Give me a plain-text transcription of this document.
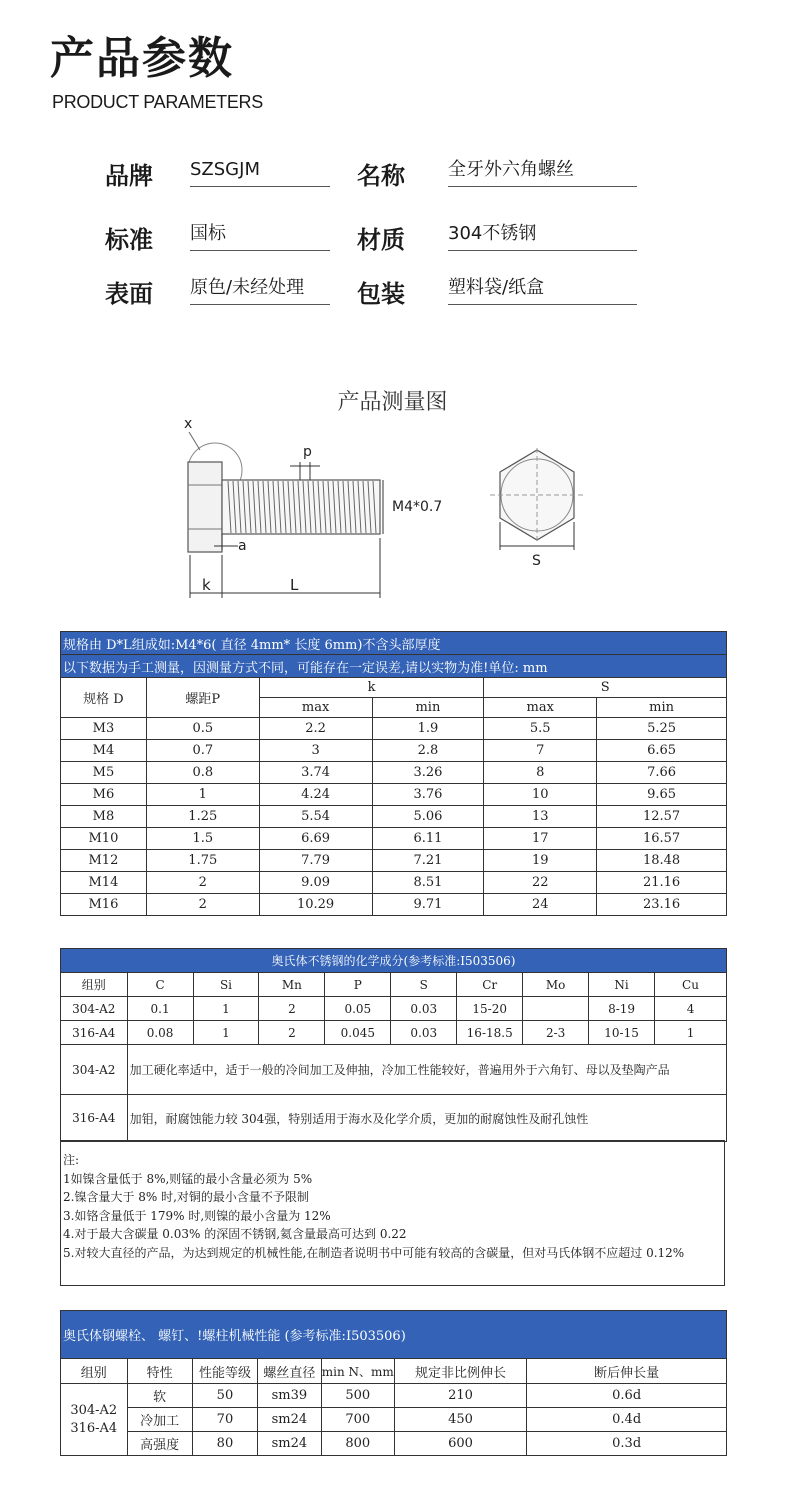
产品参数
PRODUCT PARAMETERS
品牌 SZSGJM	名称 全牙外六角螺丝
标准 国标	材质 304不锈钢
表面 原色/未经处理	包装 塑料袋/纸盒
产品测量图
x
p
a
M4*0.7
k	L
S
规格由 D*L组成如:M4*6( 直径 4mm* 长度 6mm)不含头部厚度					
以下数据为手工测量，因测量方式不同，可能存在一定误差,请以实物为准!单位: mm					
规格 D	螺距P	k		S	
		max	min	max	min
M3	0.5	2.2	1.9	5.5	5.25
M4	0.7	3	2.8	7	6.65
M5	0.8	3.74	3.26	8	7.66
M6	1	4.24	3.76	10	9.65
M8	1.25	5.54	5.06	13	12.57
M10	1.5	6.69	6.11	17	16.57
M12	1.75	7.79	7.21	19	18.48
M14	2	9.09	8.51	22	21.16
M16	2	10.29	9.71	24	23.16
奥氏体不锈钢的化学成分(参考标准:I503506)									
组别	C	Si	Mn	P	S	Cr	Mo	Ni	Cu
304-A2	0.1	1	2	0.05	0.03	15-20		8-19	4
316-A4	0.08	1	2	0.045	0.03	16-18.5	2-3	10-15	1
304-A2	加工硬化率适中，适于一般的冷间加工及伸抽，冷加工性能较好，普遍用外于六角钉、母以及垫陶产品								
316-A4	加钼，耐腐蚀能力较 304强，特别适用于海水及化学介质，更加的耐腐蚀性及耐孔蚀性								
注:
1如镍含量低于 8%,则锰的最小含量必须为 5%
2.镍含量大于 8% 时,对铜的最小含量不予限制
3.如铬含量低于 179% 时,则镍的最小含量为 12%
4.对于最大含碳量 0.03% 的深固不锈钢,氦含量最高可达到 0.22
5.对较大直径的产品，为达到规定的机械性能,在制造者说明书中可能有较高的含碳量，但对马氏体钢不应超过 0.12%
奥氏体钢螺栓、 螺钉、!螺柱机械性能 (参考标准:I503506)						
组别	特性	性能等级	螺丝直径	min N、mm	规定非比例伸长	断后伸长量
304-A2 316-A4	软	50	sm39	500	210	0.6d
	冷加工	70	sm24	700	450	0.4d
	高强度	80	sm24	800	600	0.3d
